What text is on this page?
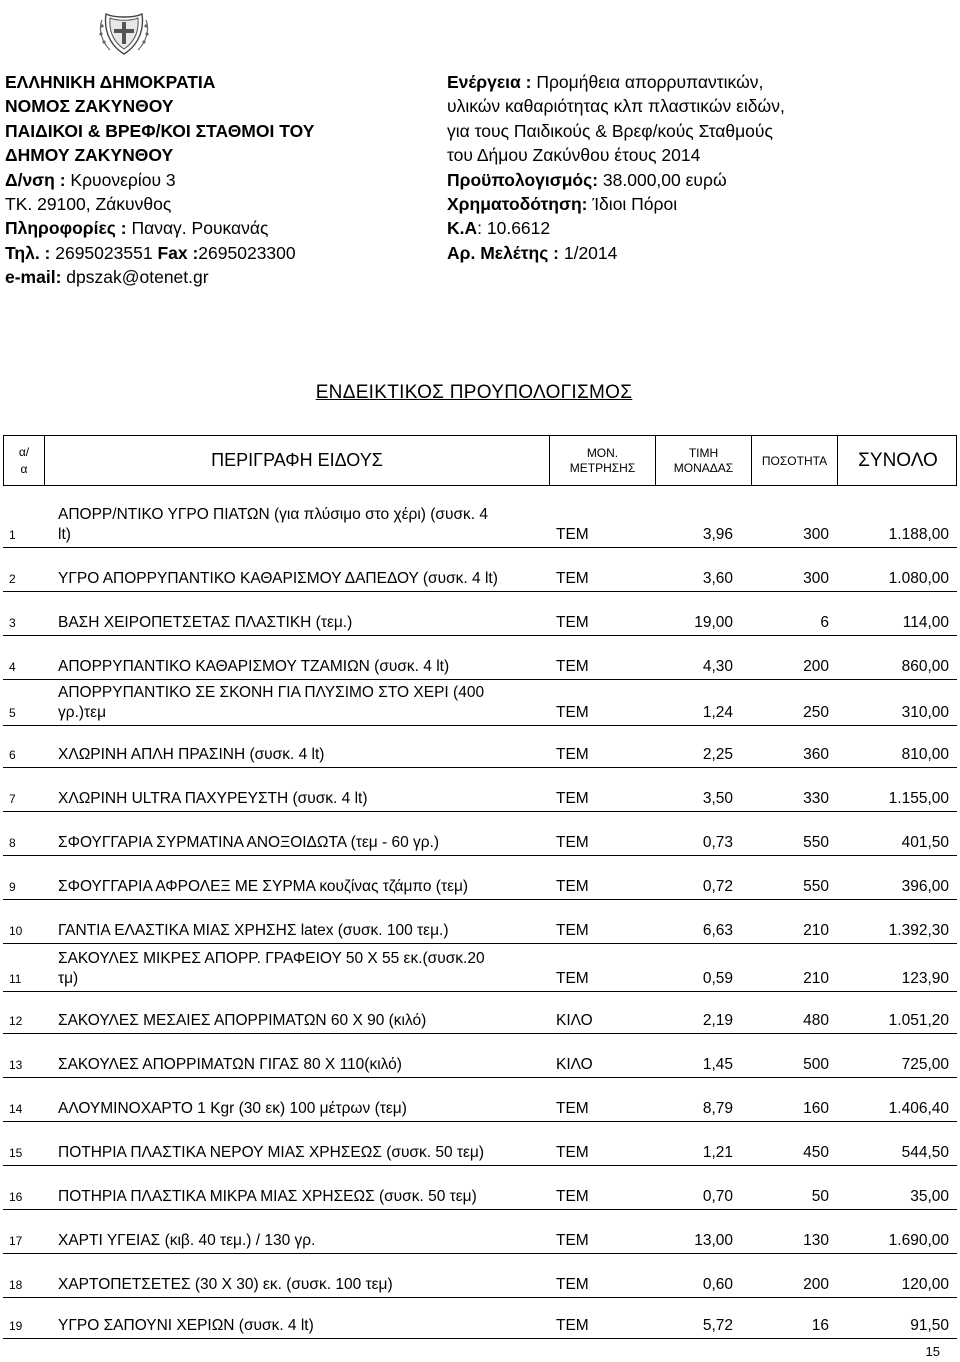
ΕΛΛΗΝΙΚΗ ΔΗΜΟΚΡΑΤΙΑ
ΝΟΜΟΣ ΖΑΚΥΝΘΟΥ
ΠΑΙΔΙΚΟΙ & ΒΡΕΦ/ΚΟΙ ΣΤΑΘΜΟΙ ΤΟΥ
ΔΗΜΟΥ ΖΑΚΥΝΘΟΥ
Δ/νση : Κρυονερίου 3
ΤΚ. 29100, Ζάκυνθος
Πληροφορίες : Παναγ. Ρουκανάς
Τηλ. : 2695023551 Fax :2695023300
e-mail: dpszak@otenet.gr
Ενέργεια : Προμήθεια απορρυπαντικών,
υλικών καθαριότητας κλπ πλαστικών ειδών,
για τους Παιδικούς & Βρεφ/κούς Σταθμούς
του Δήμου Ζακύνθου έτους 2014
Προϋπολογισμός: 38.000,00 ευρώ
Χρηματοδότηση: Ίδιοι Πόροι
Κ.Α: 10.6612
Αρ. Μελέτης : 1/2014
ΕΝΔΕΙΚΤΙΚΟΣ ΠΡΟΥΠΟΛΟΓΙΣΜΟΣ
α/
α	ΠΕΡΙΓΡΑΦΗ ΕΙΔΟΥΣ	ΜΟΝ.
ΜΕΤΡΗΣΗΣ
ΤΙΜΗ
ΜΟΝΑΔΑΣ	ΠΟΣΟΤΗΤΑ	ΣΥΝΟΛΟ
ΑΠΟΡΡ/ΝΤΙΚΟ ΥΓΡΟ ΠΙΑΤΩΝ (για πλύσιμο στο χέρι) (συσκ. 4
1	lt)	ΤΕΜ	3,96	300	1.188,00
2	ΥΓΡΟ ΑΠΟΡΡΥΠΑΝΤΙΚΟ ΚΑΘΑΡΙΣΜΟΥ ΔΑΠΕΔΟΥ (συσκ. 4 lt)	ΤΕΜ	3,60	300	1.080,00
3	ΒΑΣΗ ΧΕΙΡΟΠΕΤΣΕΤΑΣ ΠΛΑΣΤΙΚΗ (τεμ.)	ΤΕΜ	19,00	6	114,00
4	ΑΠΟΡΡΥΠΑΝΤΙΚΟ ΚΑΘΑΡΙΣΜΟΥ ΤΖΑΜΙΩΝ (συσκ. 4 lt)	ΤΕΜ	4,30	200	860,00
ΑΠΟΡΡΥΠΑΝΤΙΚΟ ΣΕ ΣΚΟΝΗ ΓΙΑ ΠΛΥΣΙΜΟ ΣΤΟ ΧΕΡΙ (400
5	γρ.)τεμ	ΤΕΜ	1,24	250	310,00
6	ΧΛΩΡΙΝΗ ΑΠΛΗ ΠΡΑΣΙΝΗ (συσκ. 4 lt)	ΤΕΜ	2,25	360	810,00
7	ΧΛΩΡΙΝΗ ULTRA ΠΑΧΥΡΕΥΣΤΗ (συσκ. 4 lt)	ΤΕΜ	3,50	330	1.155,00
8	ΣΦΟΥΓΓΑΡΙΑ ΣΥΡΜΑΤΙΝΑ ΑΝΟΞΟΙΔΩΤΑ (τεμ - 60 γρ.)	ΤΕΜ	0,73	550	401,50
9	ΣΦΟΥΓΓΑΡΙΑ ΑΦΡΟΛΕΞ ΜΕ ΣΥΡΜΑ κουζίνας τζάμπο (τεμ)	ΤΕΜ	0,72	550	396,00
10 ΓΑΝΤΙΑ ΕΛΑΣΤΙΚΑ ΜΙΑΣ ΧΡΗΣΗΣ latex (συσκ. 100 τεμ.)	ΤΕΜ	6,63	210	1.392,30
ΣΑΚΟΥΛΕΣ ΜΙΚΡΕΣ ΑΠΟΡΡ. ΓΡΑΦΕΙΟΥ 50 Χ 55 εκ.(συσκ.20
11 τμ)	ΤΕΜ	0,59	210	123,90
12 ΣΑΚΟΥΛΕΣ ΜΕΣΑΙΕΣ ΑΠΟΡΡΙΜΑΤΩΝ 60 Χ 90 (κιλό)	ΚΙΛΟ	2,19	480	1.051,20
13 ΣΑΚΟΥΛΕΣ ΑΠΟΡΡΙΜΑΤΩΝ ΓΙΓΑΣ 80 Χ 110(κιλό)	ΚΙΛΟ	1,45	500	725,00
14 ΑΛΟΥΜΙΝΟΧΑΡΤΟ 1 Kgr (30 εκ) 100 μέτρων (τεμ)	ΤΕΜ	8,79	160	1.406,40
15 ΠΟΤΗΡΙΑ ΠΛΑΣΤΙΚΑ ΝΕΡΟΥ ΜΙΑΣ ΧΡΗΣΕΩΣ (συσκ. 50 τεμ)	ΤΕΜ	1,21	450	544,50
16 ΠΟΤΗΡΙΑ ΠΛΑΣΤΙΚΑ ΜΙΚΡΑ ΜΙΑΣ ΧΡΗΣΕΩΣ (συσκ. 50 τεμ)	ΤΕΜ	0,70	50	35,00
17 ΧΑΡΤΙ ΥΓΕΙΑΣ (κιβ. 40 τεμ.) / 130 γρ.	ΤΕΜ	13,00	130	1.690,00
18 ΧΑΡΤΟΠΕΤΣΕΤΕΣ (30 Χ 30) εκ. (συσκ. 100 τεμ)	ΤΕΜ	0,60	200	120,00
19 ΥΓΡΟ ΣΑΠΟΥΝΙ ΧΕΡΙΩΝ (συσκ. 4 lt)	ΤΕΜ	5,72	16	91,50
15
